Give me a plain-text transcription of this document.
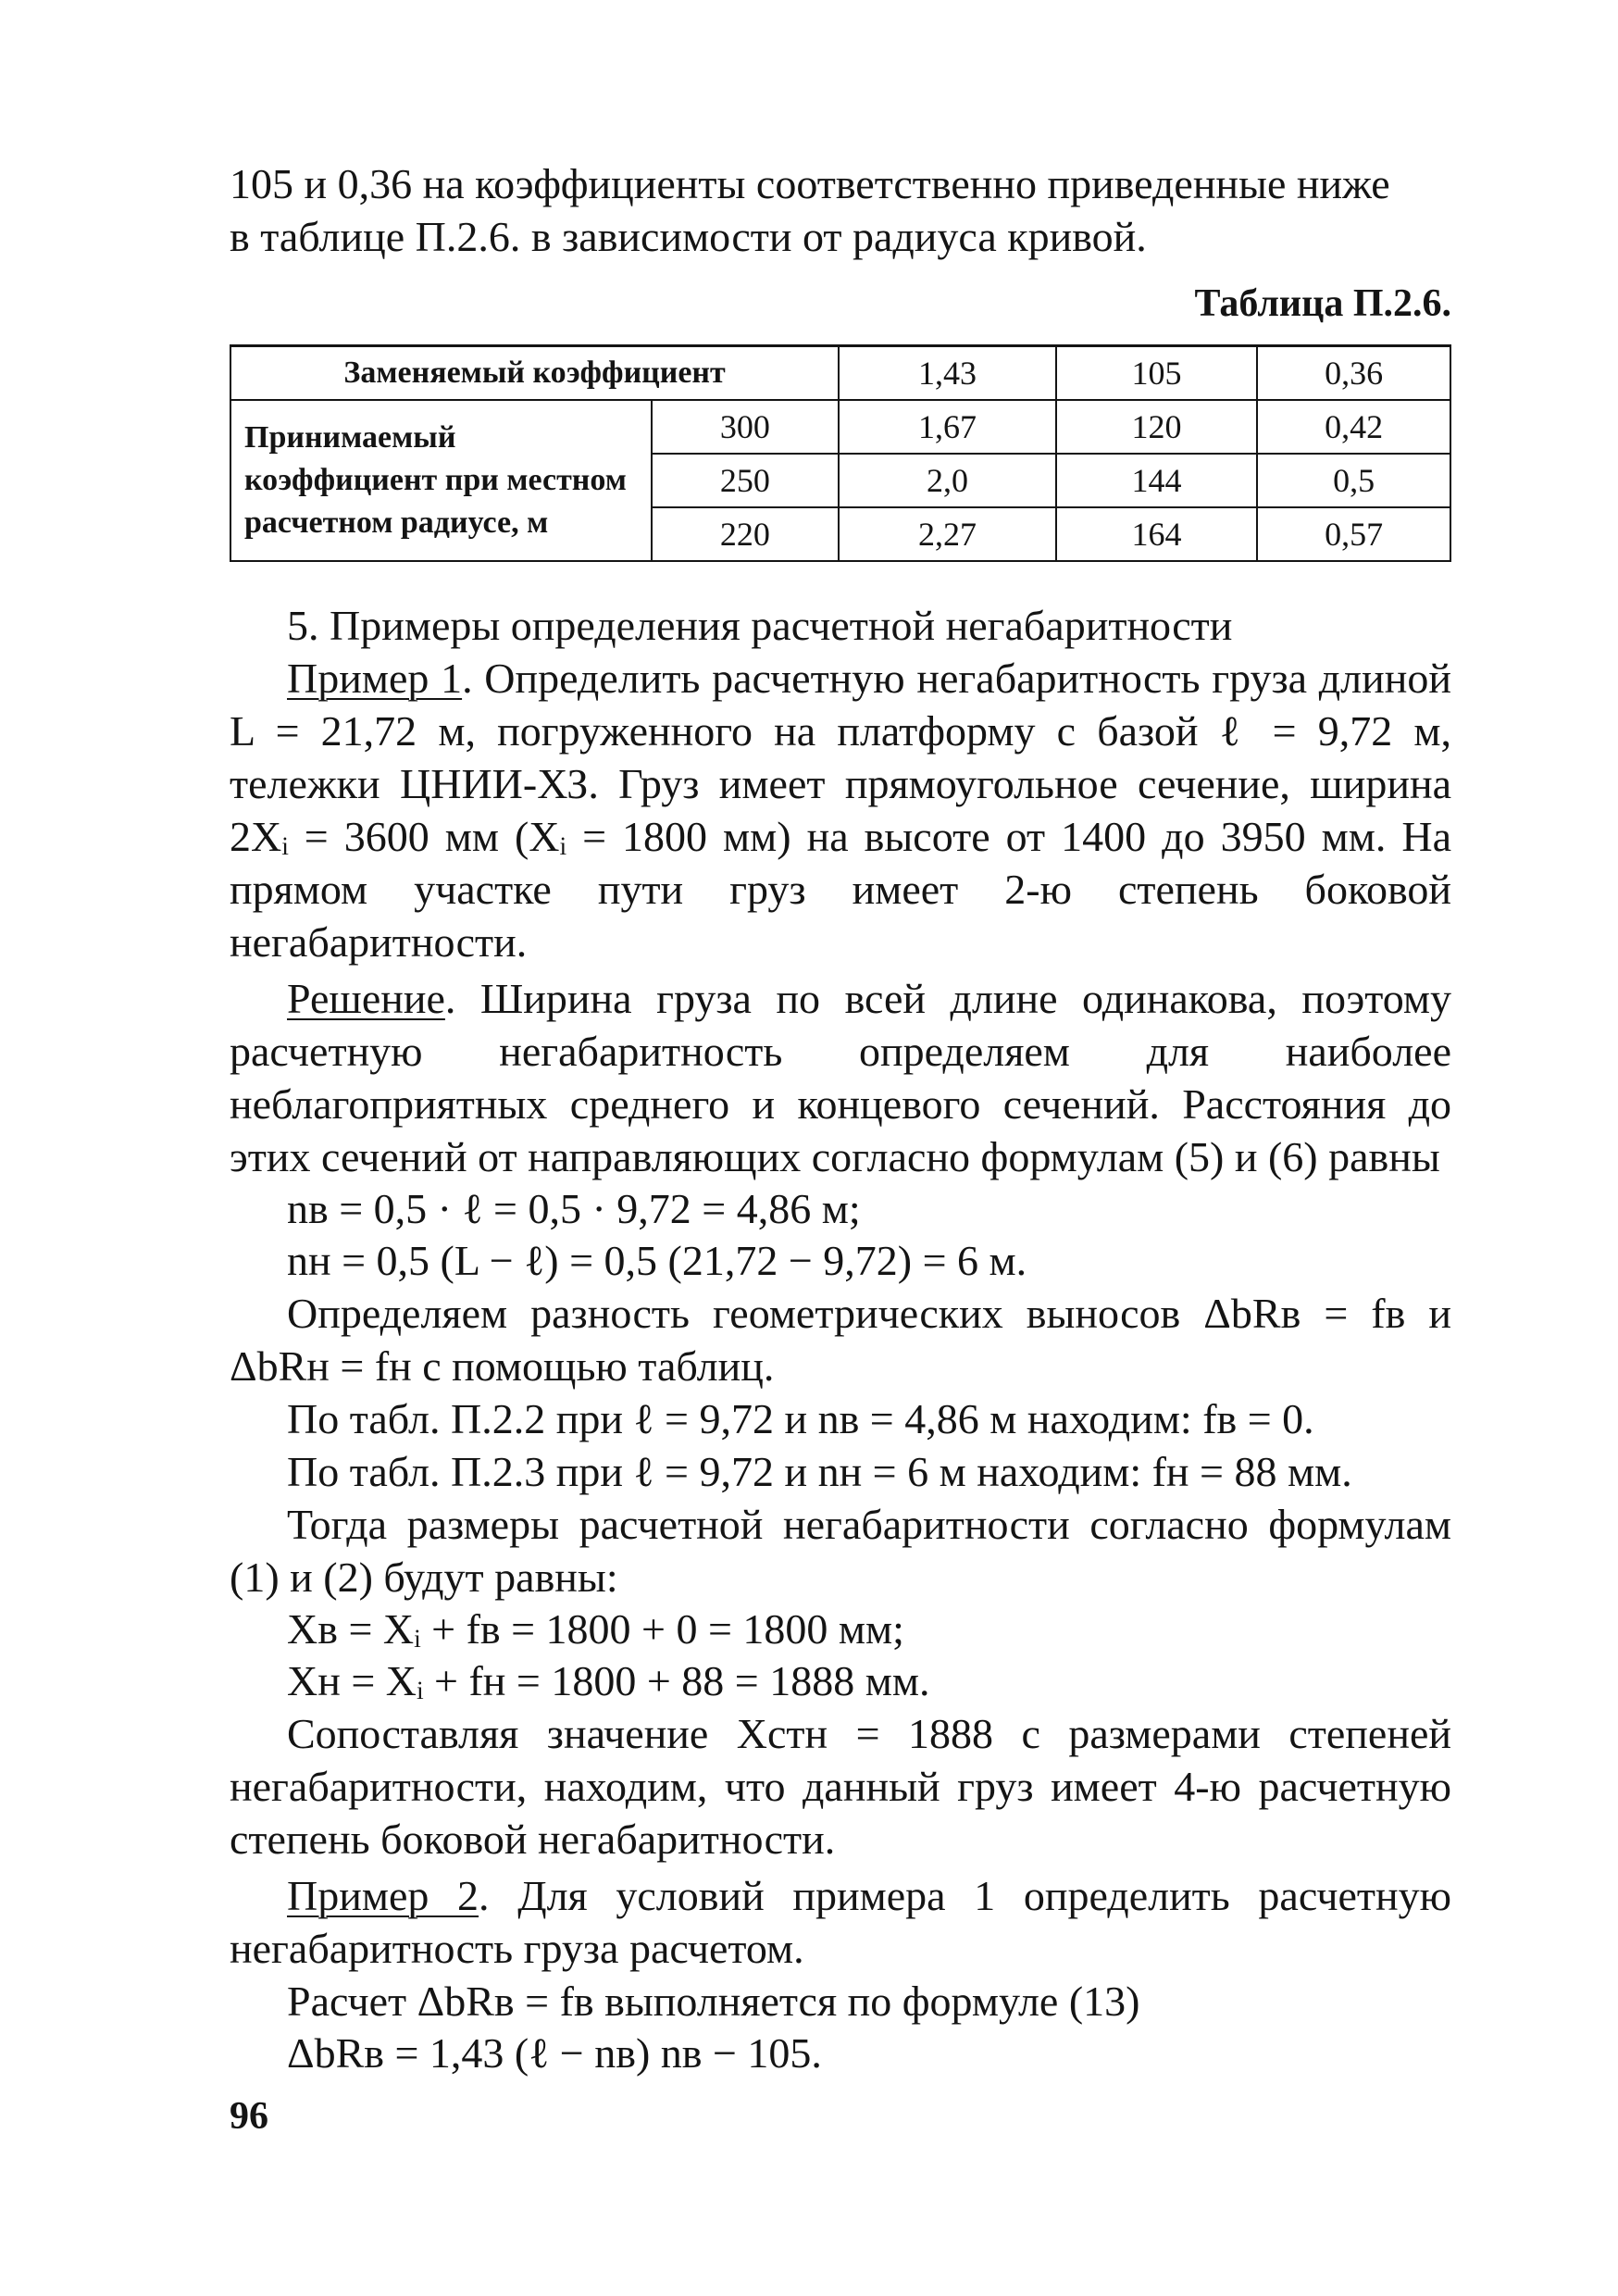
105 и 0,36 на коэффициенты соответственно приведенные ниже

в таблице П.2.6. в зависимости от радиуса кривой.

Таблица П.2.6.
Заменяемый коэффициент		1,43	105	0,36
Принимаемый коэффициент при местном расчетном радиусе, м	300	1,67	120	0,42
	250	2,0	144	0,5
	220	2,27	164	0,57

5. Примеры определения расчетной негабаритности

Пример 1. Определить расчетную негабаритность груза длиной L = 21,72 м, погруженного на платформу с базой ℓ = 9,72 м, тележки ЦНИИ-ХЗ. Груз имеет прямоугольное сечение, ширина 2Xᵢ = 3600 мм (Xᵢ = 1800 мм) на высоте от 1400 до 3950 мм. На прямом участке пути груз имеет 2-ю степень боковой негабаритности.

Решение. Ширина груза по всей длине одинакова, поэтому расчетную негабаритность определяем для наиболее неблагоприятных среднего и концевого сечений. Расстояния до этих сечений от направляющих согласно формулам (5) и (6) равны

nв = 0,5 · ℓ = 0,5 · 9,72 = 4,86 м;
nн = 0,5 (L − ℓ) = 0,5 (21,72 − 9,72) = 6 м.

Определяем разность геометрических выносов ΔbRв = fв и ΔbRн = fн с помощью таблиц.

По табл. П.2.2 при ℓ = 9,72 и nв = 4,86 м находим: fв = 0.

По табл. П.2.3 при ℓ = 9,72 и nн = 6 м находим: fн = 88 мм.

Тогда размеры расчетной негабаритности согласно формулам (1) и (2) будут равны:

Xв = Xᵢ + fв = 1800 + 0 = 1800 мм;
Xн = Xᵢ + fн = 1800 + 88 = 1888 мм.

Сопоставляя значение Xстн = 1888 с размерами степеней негабаритности, находим, что данный груз имеет 4-ю расчетную степень боковой негабаритности.

Пример 2. Для условий примера 1 определить расчетную негабаритность груза расчетом.

Расчет ΔbRв = fв выполняется по формуле (13)

ΔbRв = 1,43 (ℓ − nв) nв − 105.
96
